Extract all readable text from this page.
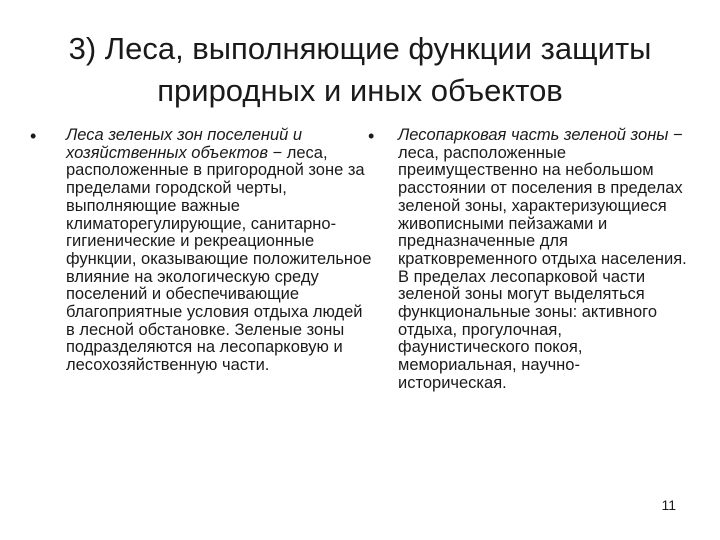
3) Леса, выполняющие функции защиты природных и иных объектов
•	Леса зеленых зон поселений и хозяйственных объектов − леса, расположенные в пригородной зоне за пределами городской черты, выполняющие важные климаторегулирующие, санитарно-гигиенические и рекреационные функции, оказывающие положительное влияние на экологическую среду поселений и обеспечивающие благоприятные условия отдыха людей в лесной обстановке. Зеленые зоны подразделяются на лесопарковую и лесохозяйственную части.

•	Лесопарковая часть зеленой зоны − леса, расположенные преимущественно на небольшом расстоянии от поселения в пределах зеленой зоны, характеризующиеся живописными пейзажами и предназначенные для кратковременного отдыха населения. В пределах лесопарковой части зеленой зоны могут выделяться функциональные зоны: активного отдыха, прогулочная, фаунистического покоя, мемориальная, научно-историческая.

11
